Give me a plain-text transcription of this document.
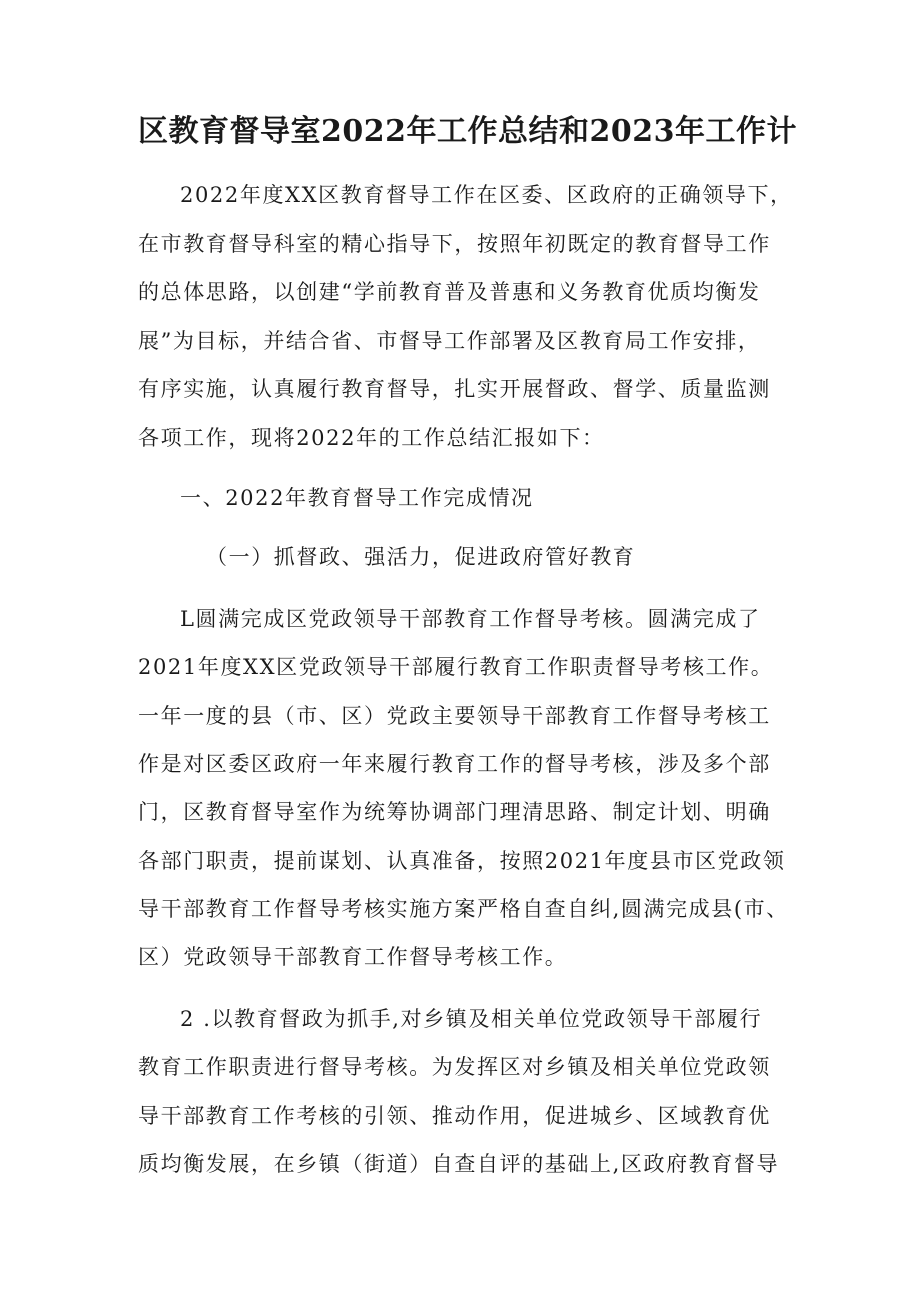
区教育督导室2022年工作总结和2023年工作计
2022年度XX区教育督导工作在区委、区政府的正确领导下，
在市教育督导科室的精心指导下，按照年初既定的教育督导工作
的总体思路，以创建“学前教育普及普惠和义务教育优质均衡发
展”为目标，并结合省、市督导工作部署及区教育局工作安排，
有序实施，认真履行教育督导，扎实开展督政、督学、质量监测
各项工作，现将2022年的工作总结汇报如下：
一、2022年教育督导工作完成情况
（一）抓督政、强活力，促进政府管好教育
L圆满完成区党政领导干部教育工作督导考核。圆满完成了
2021年度XX区党政领导干部履行教育工作职责督导考核工作。
一年一度的县（市、区）党政主要领导干部教育工作督导考核工
作是对区委区政府一年来履行教育工作的督导考核，涉及多个部
门，区教育督导室作为统筹协调部门理清思路、制定计划、明确
各部门职责，提前谋划、认真准备，按照2021年度县市区党政领
导干部教育工作督导考核实施方案严格自查自纠,圆满完成县(市、
区）党政领导干部教育工作督导考核工作。
2 .以教育督政为抓手,对乡镇及相关单位党政领导干部履行
教育工作职责进行督导考核。为发挥区对乡镇及相关单位党政领
导干部教育工作考核的引领、推动作用，促进城乡、区域教育优
质均衡发展，在乡镇（街道）自查自评的基础上,区政府教育督导
